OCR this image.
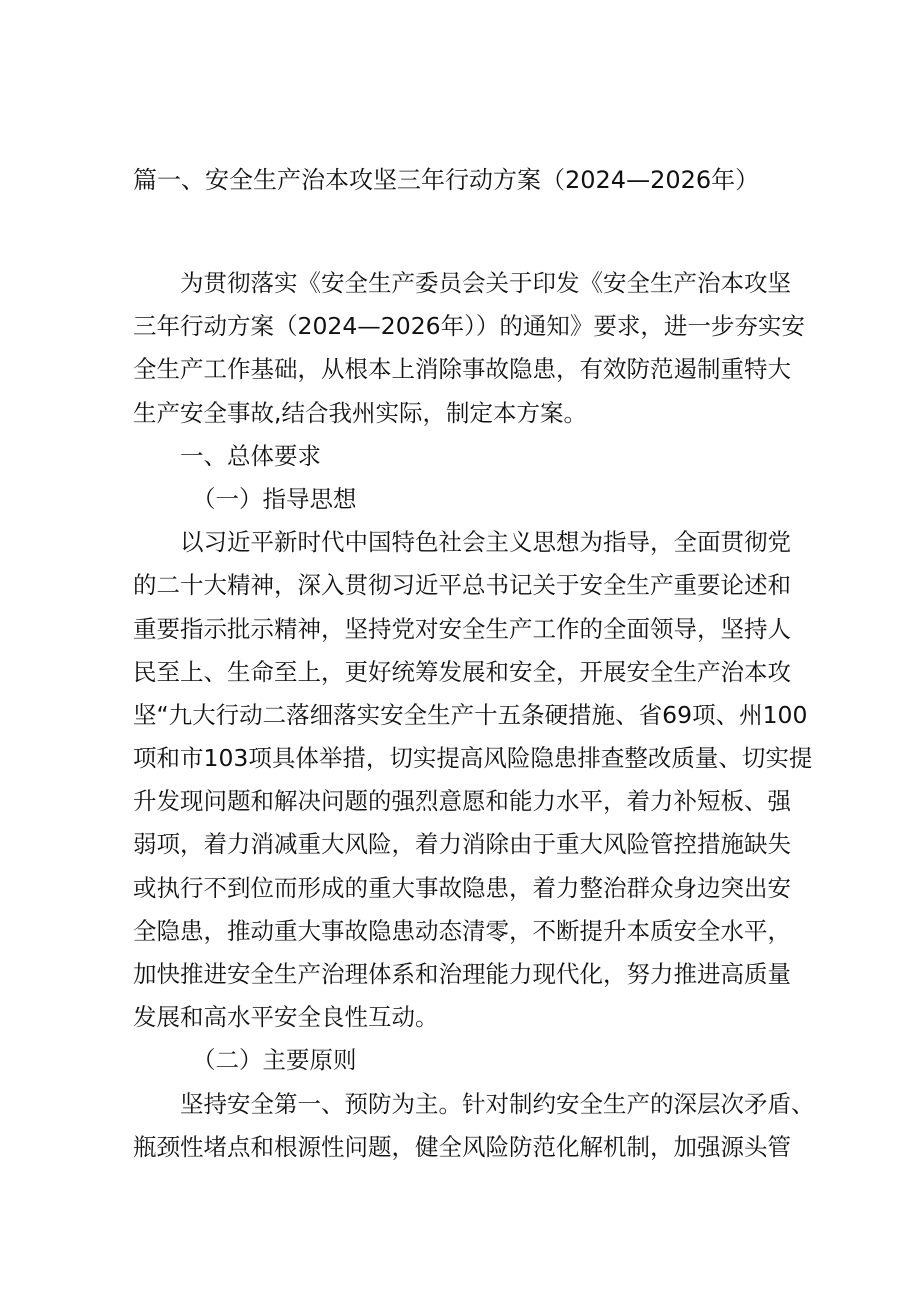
篇一、安全生产治本攻坚三年行动方案（2024—2026年）
为贯彻落实《安全生产委员会关于印发《安全生产治本攻坚
三年行动方案（2024—2026年））的通知》要求，进一步夯实安
全生产工作基础，从根本上消除事故隐患，有效防范遏制重特大
生产安全事故,结合我州实际，制定本方案。
一、总体要求
（一）指导思想
以习近平新时代中国特色社会主义思想为指导，全面贯彻党
的二十大精神，深入贯彻习近平总书记关于安全生产重要论述和
重要指示批示精神，坚持党对安全生产工作的全面领导，坚持人
民至上、生命至上，更好统筹发展和安全，开展安全生产治本攻
坚“九大行动二落细落实安全生产十五条硬措施、省69项、州100
项和市103项具体举措，切实提高风险隐患排查整改质量、切实提
升发现问题和解决问题的强烈意愿和能力水平，着力补短板、强
弱项，着力消减重大风险，着力消除由于重大风险管控措施缺失
或执行不到位而形成的重大事故隐患，着力整治群众身边突出安
全隐患，推动重大事故隐患动态清零，不断提升本质安全水平，
加快推进安全生产治理体系和治理能力现代化，努力推进高质量
发展和高水平安全良性互动。
（二）主要原则
坚持安全第一、预防为主。针对制约安全生产的深层次矛盾、
瓶颈性堵点和根源性问题，健全风险防范化解机制，加强源头管
